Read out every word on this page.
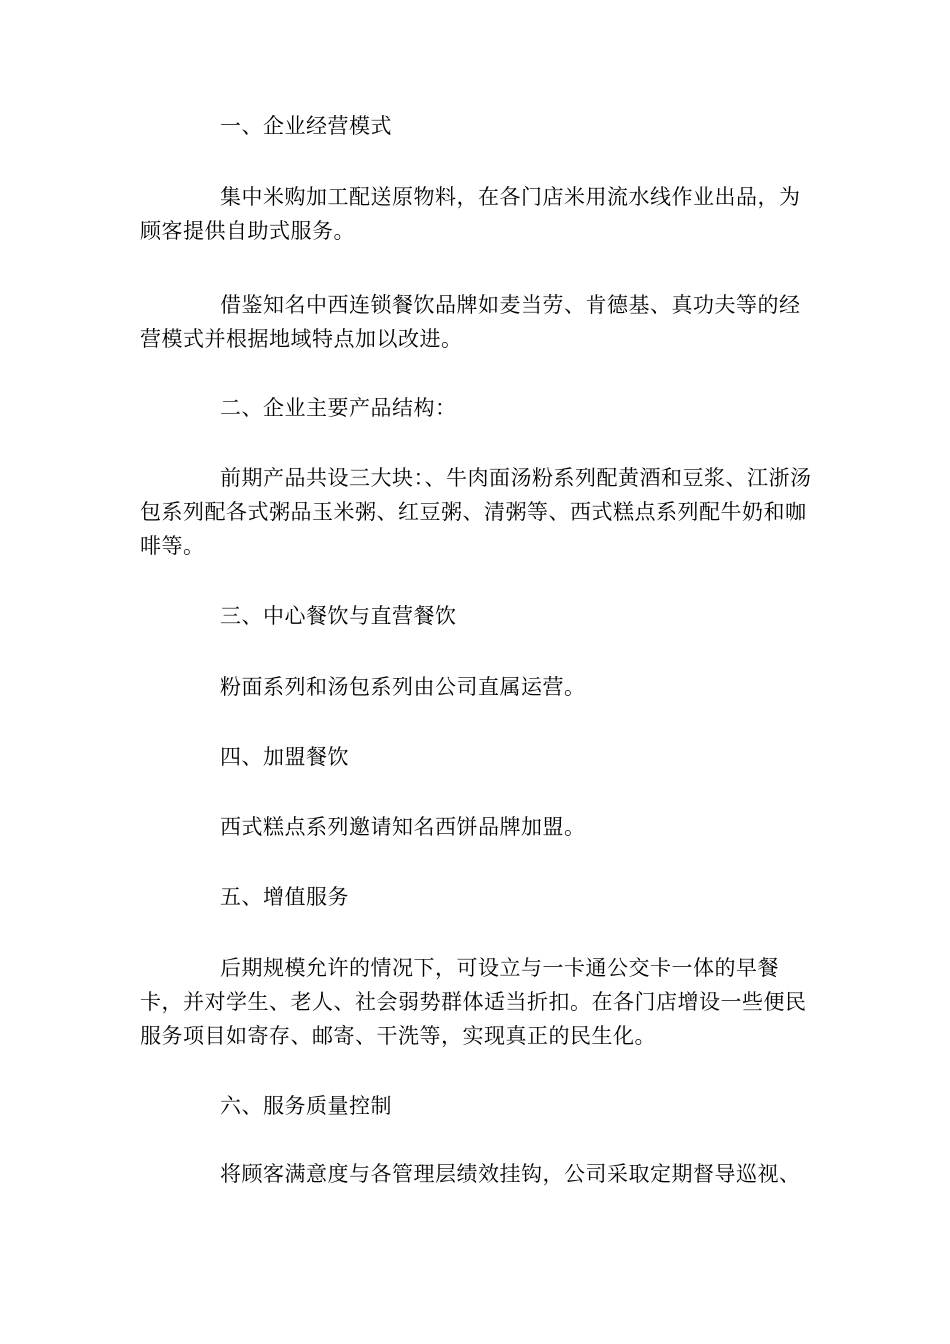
一、企业经营模式

集中米购加工配送原物料，在各门店米用流水线作业出品，为顾客提供自助式服务。

借鉴知名中西连锁餐饮品牌如麦当劳、肯德基、真功夫等的经营模式并根据地域特点加以改进。

二、企业主要产品结构：

前期产品共设三大块：、牛肉面汤粉系列配黄酒和豆浆、江浙汤包系列配各式粥品玉米粥、红豆粥、清粥等、西式糕点系列配牛奶和咖啡等。

三、中心餐饮与直营餐饮

粉面系列和汤包系列由公司直属运营。

四、加盟餐饮

西式糕点系列邀请知名西饼品牌加盟。

五、增值服务

后期规模允许的情况下，可设立与一卡通公交卡一体的早餐卡，并对学生、老人、社会弱势群体适当折扣。在各门店增设一些便民服务项目如寄存、邮寄、干洗等，实现真正的民生化。

六、服务质量控制

将顾客满意度与各管理层绩效挂钩，公司采取定期督导巡视、
